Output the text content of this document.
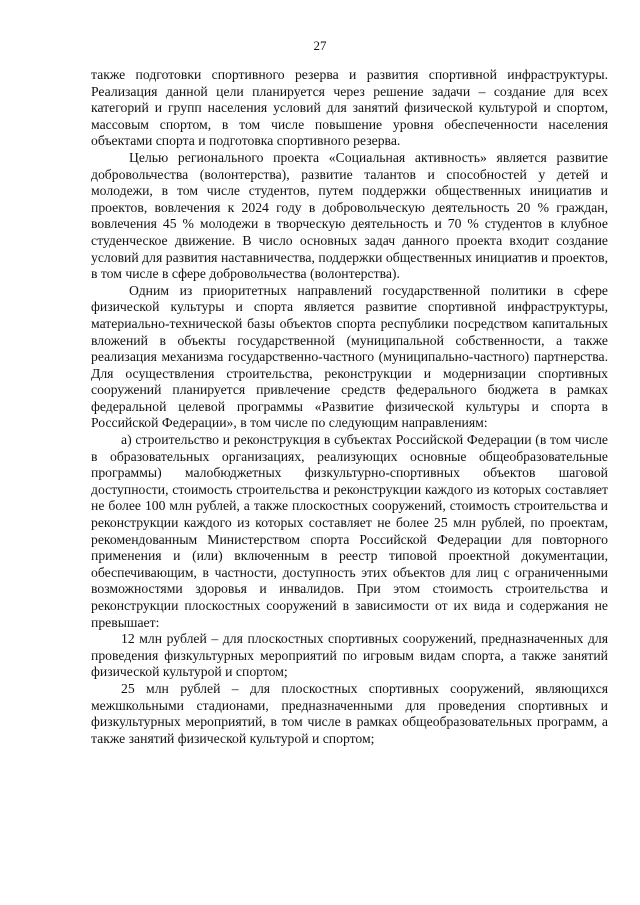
27

также подготовки спортивного резерва и развития спортивной инфраструктуры. Реализация данной цели планируется через решение задачи – создание для всех категорий и групп населения условий для занятий физической культурой и спортом, массовым спортом, в том числе повышение уровня обеспеченности населения объектами спорта и подготовка спортивного резерва.

Целью регионального проекта «Социальная активность» является развитие добровольчества (волонтерства), развитие талантов и способностей у детей и молодежи, в том числе студентов, путем поддержки общественных инициатив и проектов, вовлечения к 2024 году в добровольческую деятельность 20 % граждан, вовлечения 45 % молодежи в творческую деятельность и 70 % студентов в клубное студенческое движение. В число основных задач данного проекта входит создание условий для развития наставничества, поддержки общественных инициатив и проектов, в том числе в сфере добровольчества (волонтерства).

Одним из приоритетных направлений государственной политики в сфере физической культуры и спорта является развитие спортивной инфраструктуры, материально-технической базы объектов спорта республики посредством капитальных вложений в объекты государственной (муниципальной собственности, а также реализация механизма государственно-частного (муниципально-частного) партнерства. Для осуществления строительства, реконструкции и модернизации спортивных сооружений планируется привлечение средств федерального бюджета в рамках федеральной целевой программы «Развитие физической культуры и спорта в Российской Федерации», в том числе по следующим направлениям:

а) строительство и реконструкция в субъектах Российской Федерации (в том числе в образовательных организациях, реализующих основные общеобразовательные программы) малобюджетных физкультурно-спортивных объектов шаговой доступности, стоимость строительства и реконструкции каждого из которых составляет не более 100 млн рублей, а также плоскостных сооружений, стоимость строительства и реконструкции каждого из которых составляет не более 25 млн рублей, по проектам, рекомендованным Министерством спорта Российской Федерации для повторного применения и (или) включенным в реестр типовой проектной документации, обеспечивающим, в частности, доступность этих объектов для лиц с ограниченными возможностями здоровья и инвалидов. При этом стоимость строительства и реконструкции плоскостных сооружений в зависимости от их вида и содержания не превышает:

12 млн рублей – для плоскостных спортивных сооружений, предназначенных для проведения физкультурных мероприятий по игровым видам спорта, а также занятий физической культурой и спортом;

25 млн рублей – для плоскостных спортивных сооружений, являющихся межшкольными стадионами, предназначенными для проведения спортивных и физкультурных мероприятий, в том числе в рамках общеобразовательных программ, а также занятий физической культурой и спортом;
